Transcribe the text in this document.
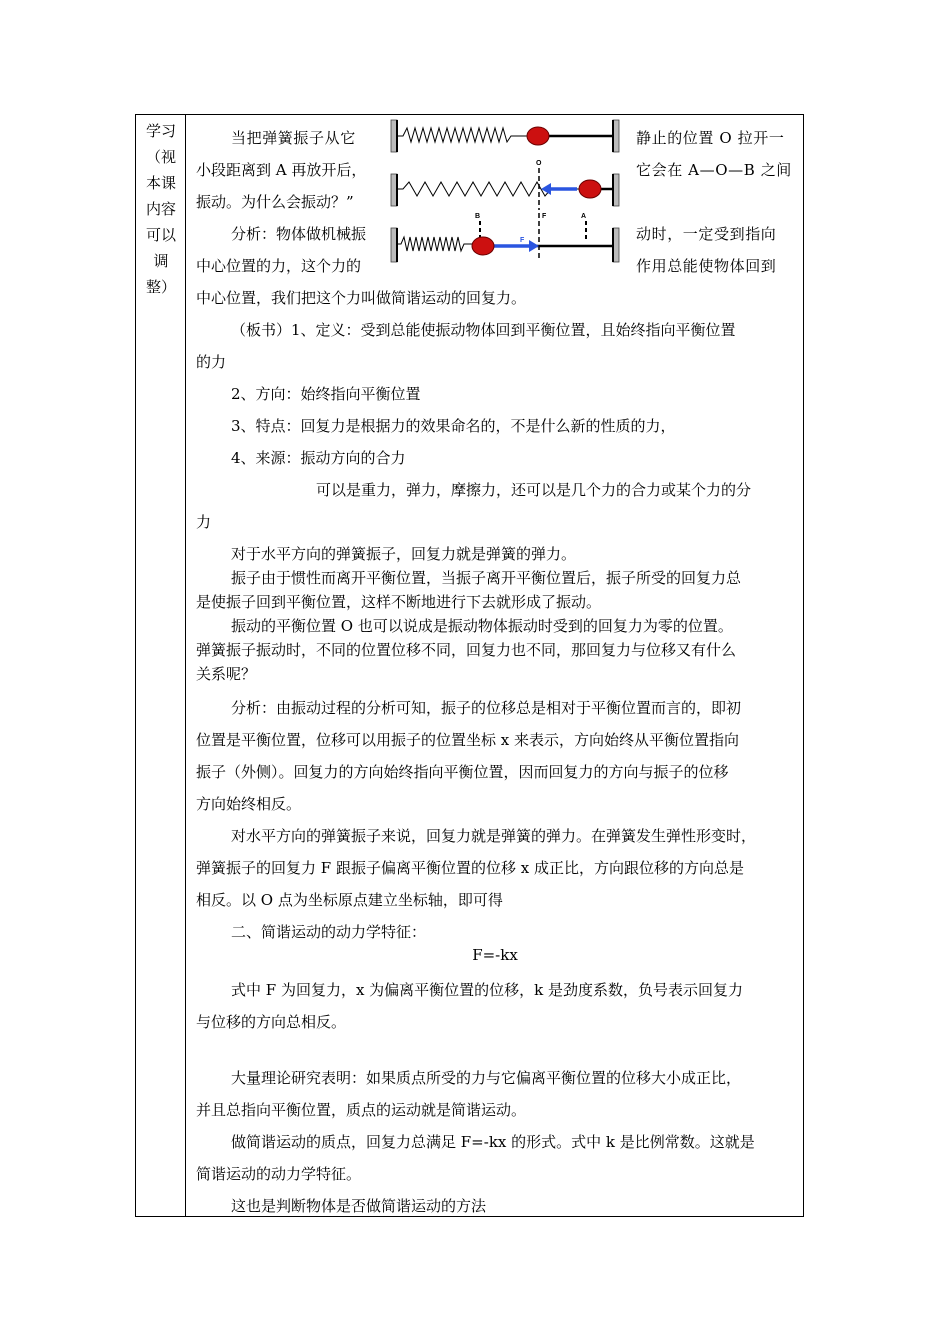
学习
（视
本课
内容
可以
调
整）
当把弹簧振子从它	静止的位置 O 拉开一
小段距离到 A 再放开后，	它会在 A—O—B 之间
振动。为什么会振动？”
分析：物体做机械振	动时，一定受到指向
中心位置的力，这个力的	作用总能使物体回到
中心位置，我们把这个力叫做简谐运动的回复力。
O
B	F	A
F
（板书）1、定义：受到总能使振动物体回到平衡位置，且始终指向平衡位置
的力
2、方向：始终指向平衡位置
3、特点：回复力是根据力的效果命名的，不是什么新的性质的力，
4、来源：振动方向的合力
可以是重力，弹力，摩擦力，还可以是几个力的合力或某个力的分
力
对于水平方向的弹簧振子，回复力就是弹簧的弹力。
振子由于惯性而离开平衡位置，当振子离开平衡位置后，振子所受的回复力总
是使振子回到平衡位置，这样不断地进行下去就形成了振动。
振动的平衡位置 O 也可以说成是振动物体振动时受到的回复力为零的位置。
弹簧振子振动时，不同的位置位移不同，回复力也不同，那回复力与位移又有什么
关系呢？
分析：由振动过程的分析可知，振子的位移总是相对于平衡位置而言的，即初
位置是平衡位置，位移可以用振子的位置坐标 x 来表示，方向始终从平衡位置指向
振子（外侧）。回复力的方向始终指向平衡位置，因而回复力的方向与振子的位移
方向始终相反。
对水平方向的弹簧振子来说，回复力就是弹簧的弹力。在弹簧发生弹性形变时，
弹簧振子的回复力 F 跟振子偏离平衡位置的位移 x 成正比，方向跟位移的方向总是
相反。以 O 点为坐标原点建立坐标轴，即可得
二、简谐运动的动力学特征：
F=-kx
式中 F 为回复力，x 为偏离平衡位置的位移，k 是劲度系数，负号表示回复力
与位移的方向总相反。
大量理论研究表明：如果质点所受的力与它偏离平衡位置的位移大小成正比，
并且总指向平衡位置，质点的运动就是简谐运动。
做简谐运动的质点，回复力总满足 F=-kx 的形式。式中 k 是比例常数。这就是
简谐运动的动力学特征。
这也是判断物体是否做简谐运动的方法
